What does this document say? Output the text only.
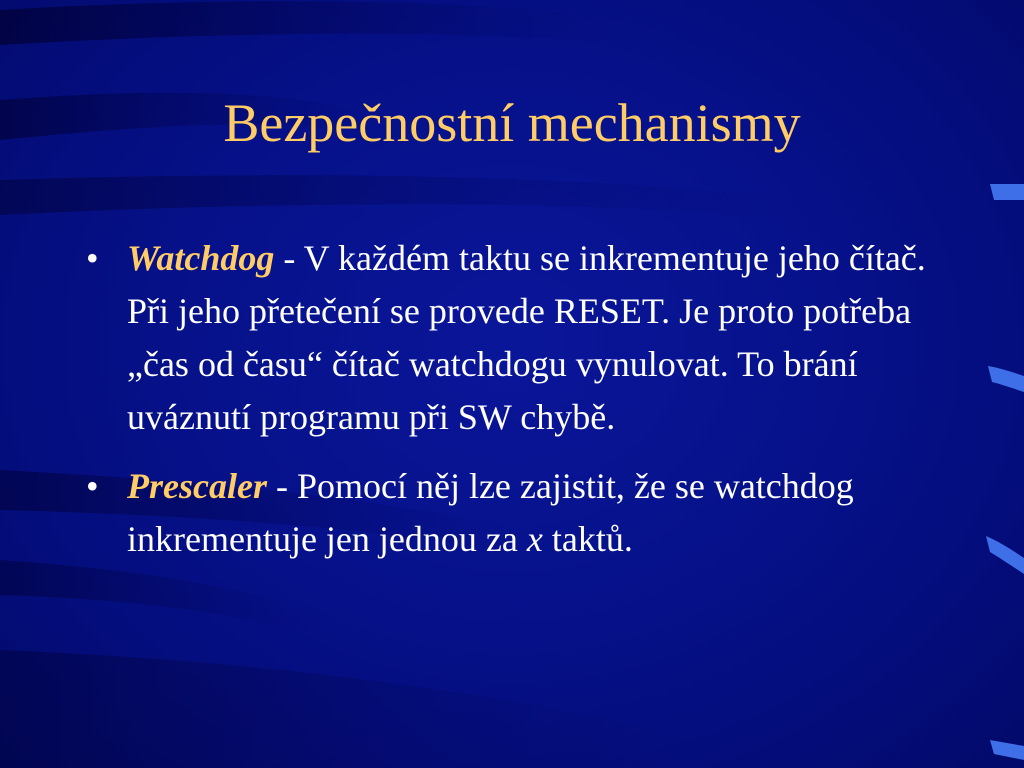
Bezpečnostní mechanismy
• Watchdog - V každém taktu se inkrementuje jeho čítač. Při jeho přetečení se provede RESET. Je proto potřeba „čas od času“ čítač watchdogu vynulovat. To brání uváznutí programu při SW chybě.
• Prescaler - Pomocí něj lze zajistit, že se watchdog inkrementuje jen jednou za x taktů.
